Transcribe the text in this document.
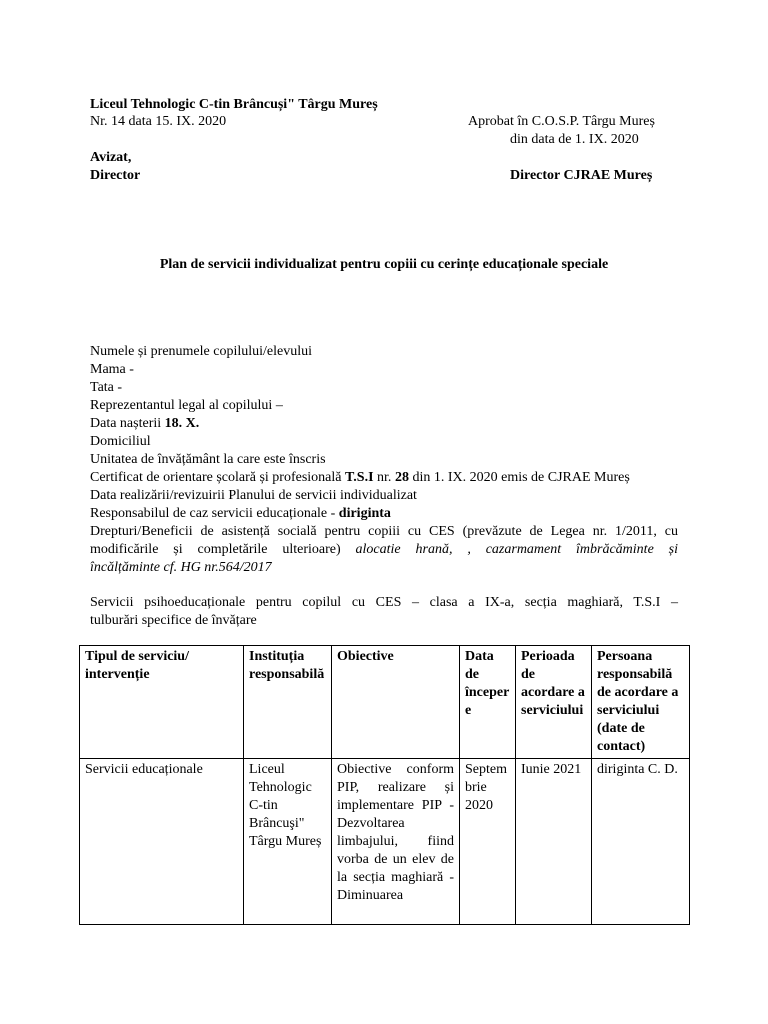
Liceul Tehnologic C-tin Brâncuși" Târgu Mureș
Nr. 14 data 15. IX. 2020	Aprobat în C.O.S.P. Târgu Mureș
din data de 1. IX. 2020
Avizat,
Director	Director CJRAE Mureș
Plan de servicii individualizat pentru copiii cu cerințe educaționale speciale
Numele și prenumele copilului/elevului
Mama -
Tata -
Reprezentantul legal al copilului –
Data nașterii 18. X.
Domiciliul
Unitatea de învățământ la care este înscris
Certificat de orientare școlară și profesională T.S.I nr. 28 din 1. IX. 2020 emis de CJRAE Mureș
Data realizării/revizuirii Planului de servicii individualizat
Responsabilul de caz servicii educaționale - diriginta
Drepturi/Beneficii de asistență socială pentru copiii cu CES (prevăzute de Legea nr. 1/2011, cu
modificările și completările ulterioare) alocatie hrană, , cazarmament îmbrăcăminte și
încălțăminte cf. HG nr.564/2017
Servicii psihoeducaționale pentru copilul cu CES – clasa a IX-a, secția maghiară, T.S.I –
tulburări specifice de învățare
Tipul de serviciu/ intervenție	Instituția responsabilă	Obiective	Data de începere	Perioada de acordare a serviciului	Persoana responsabilă de acordare a serviciului (date de contact)

Servicii educaționale	Liceul Tehnologic C-tin Brâncuşi" Târgu Mureș	Obiective conform PIP, realizare și implementare PIP -Dezvoltarea limbajului, fiind vorba de un elev de la secția maghiară -Diminuarea	Septembrie 2020	Iunie 2021	diriginta C. D.
